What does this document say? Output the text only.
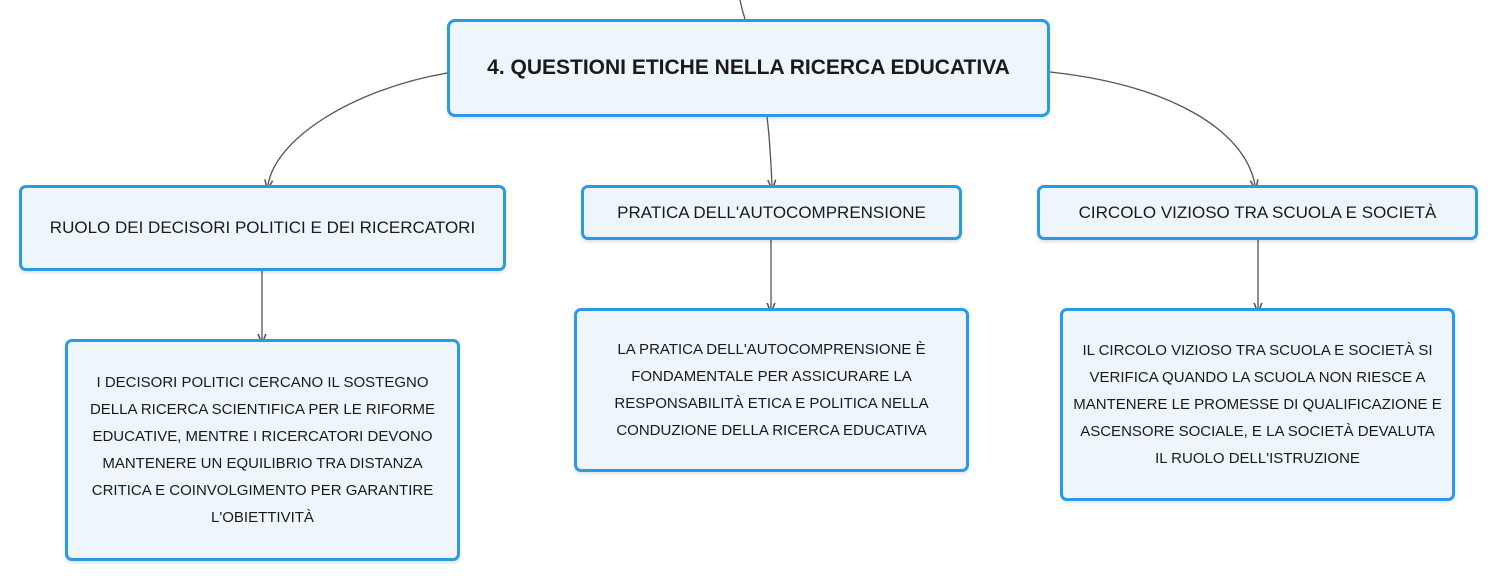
4. QUESTIONI ETICHE NELLA RICERCA EDUCATIVA

RUOLO DEI DECISORI POLITICI E DEI RICERCATORI

PRATICA DELL'AUTOCOMPRENSIONE	CIRCOLO VIZIOSO TRA SCUOLA E SOCIETÀ

I DECISORI POLITICI CERCANO IL SOSTEGNO DELLA RICERCA SCIENTIFICA PER LE RIFORME EDUCATIVE, MENTRE I RICERCATORI DEVONO MANTENERE UN EQUILIBRIO TRA DISTANZA CRITICA E COINVOLGIMENTO PER GARANTIRE L'OBIETTIVITÀ

LA PRATICA DELL'AUTOCOMPRENSIONE È FONDAMENTALE PER ASSICURARE LA RESPONSABILITÀ ETICA E POLITICA NELLA CONDUZIONE DELLA RICERCA EDUCATIVA

IL CIRCOLO VIZIOSO TRA SCUOLA E SOCIETÀ SI VERIFICA QUANDO LA SCUOLA NON RIESCE A MANTENERE LE PROMESSE DI QUALIFICAZIONE E ASCENSORE SOCIALE, E LA SOCIETÀ DEVALUTA IL RUOLO DELL'ISTRUZIONE
